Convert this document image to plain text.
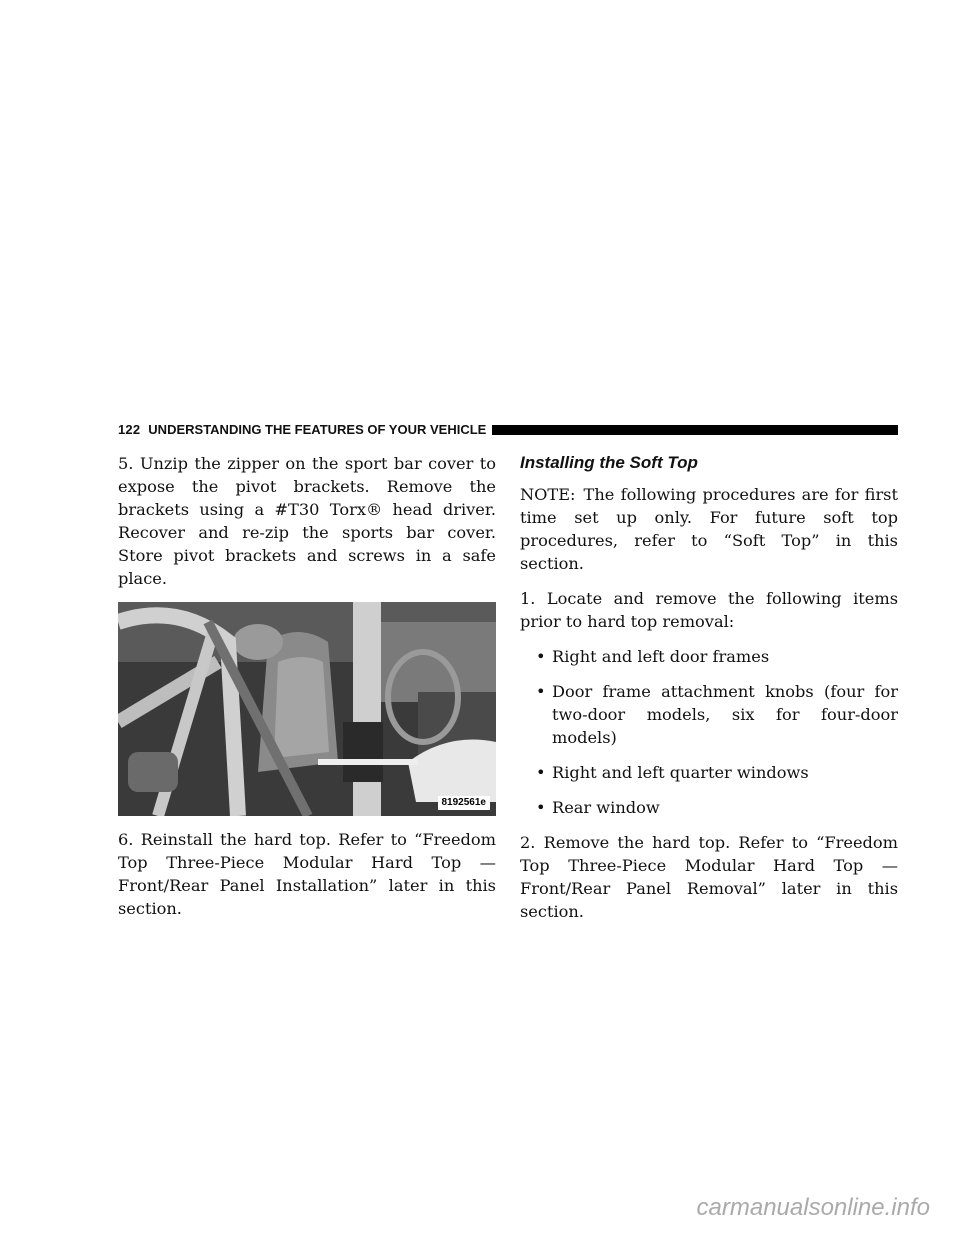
122 UNDERSTANDING THE FEATURES OF YOUR VEHICLE

5. Unzip the zipper on the sport bar cover to expose the pivot brackets. Remove the brackets using a #T30 Torx® head driver. Recover and re-zip the sports bar cover. Store pivot brackets and screws in a safe place.

8192561e

6. Reinstall the hard top. Refer to “Freedom Top Three-Piece Modular Hard Top — Front/Rear Panel Installation” later in this section.

Installing the Soft Top

NOTE: The following procedures are for first time set up only. For future soft top procedures, refer to “Soft Top” in this section.

1. Locate and remove the following items prior to hard top removal:

• Right and left door frames
• Door frame attachment knobs (four for two-door models, six for four-door models)
• Right and left quarter windows
• Rear window

2. Remove the hard top. Refer to “Freedom Top Three-Piece Modular Hard Top — Front/Rear Panel Removal” later in this section.

carmanualsonline.info
